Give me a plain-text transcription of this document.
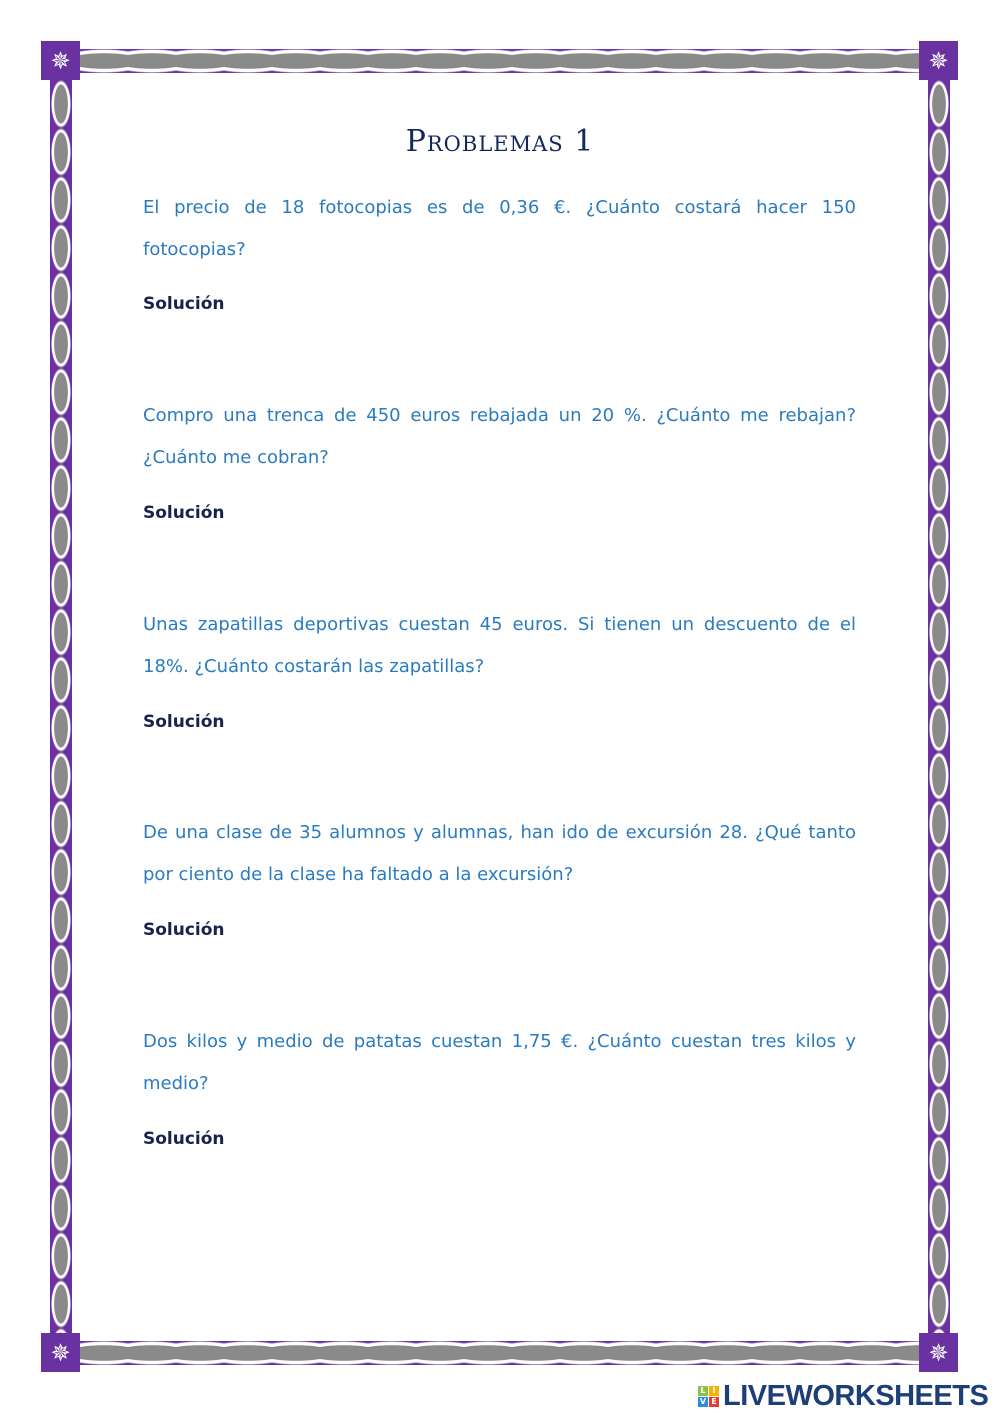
✵	✵
✵	✵
Problemas 1
El precio de 18 fotocopias es de 0,36 €. ¿Cuánto costará hacer 150 fotocopias?
Solución
Compro una trenca de 450 euros rebajada un 20 %. ¿Cuánto me rebajan? ¿Cuánto me cobran?
Solución
Unas zapatillas deportivas cuestan 45 euros. Si tienen un descuento de el 18%. ¿Cuánto costarán las zapatillas?
Solución
De una clase de 35 alumnos y alumnas, han ido de excursión 28. ¿Qué tanto por ciento de la clase ha faltado a la excursión?
Solución
Dos kilos y medio de patatas cuestan 1,75 €. ¿Cuánto cuestan tres kilos y medio?
Solución
L I
V E LIVEWORKSHEETS
